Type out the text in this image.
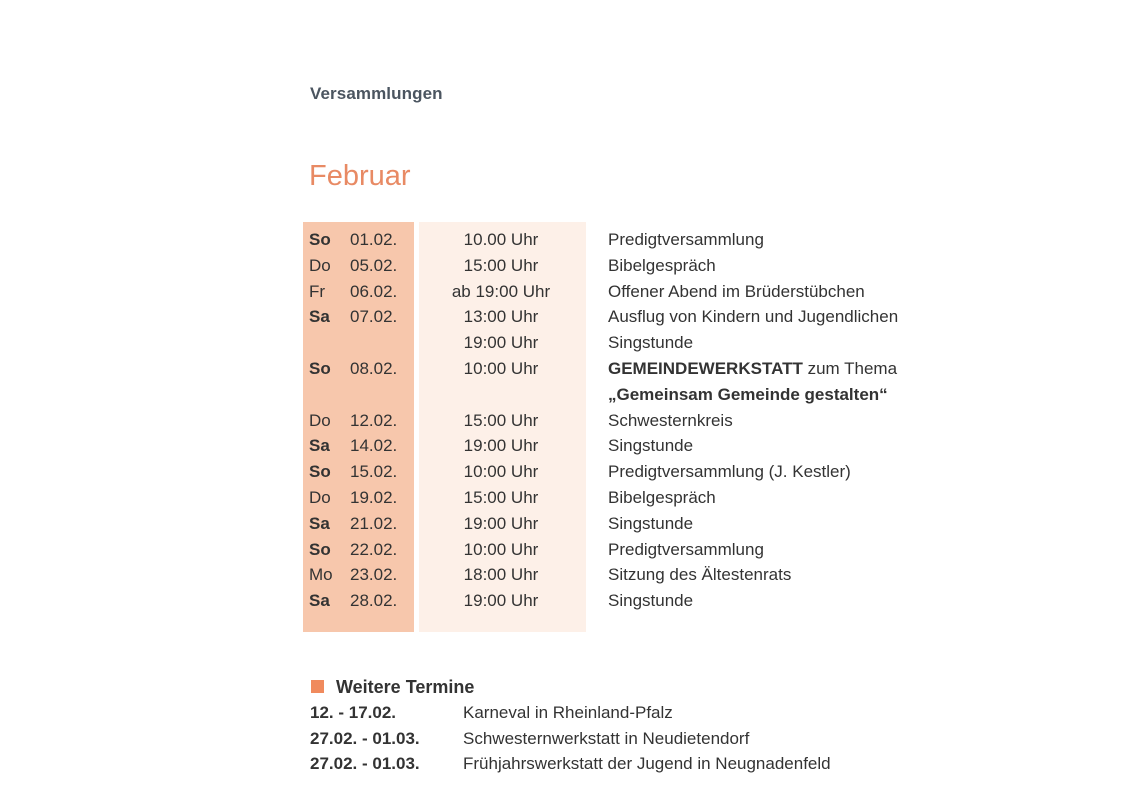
Versammlungen
Februar
So 01.02.	10.00 Uhr	Predigtversammlung
Do 05.02.	15:00 Uhr	Bibelgespräch
Fr 06.02.	ab 19:00 Uhr	Offener Abend im Brüderstübchen
Sa 07.02.	13:00 Uhr	Ausflug von Kindern und Jugendlichen
19:00 Uhr	Singstunde
So 08.02.	10:00 Uhr	GEMEINDEWERKSTATT zum Thema
„Gemeinsam Gemeinde gestalten“
Do 12.02.	15:00 Uhr	Schwesternkreis
Sa 14.02.	19:00 Uhr	Singstunde
So 15.02.	10:00 Uhr	Predigtversammlung (J. Kestler)
Do 19.02.	15:00 Uhr	Bibelgespräch
Sa 21.02.	19:00 Uhr	Singstunde
So 22.02.	10:00 Uhr	Predigtversammlung
Mo 23.02.	18:00 Uhr	Sitzung des Ältestenrats
Sa 28.02.	19:00 Uhr	Singstunde
Weitere Termine
12. - 17.02.	Karneval in Rheinland-Pfalz
27.02. - 01.03.	Schwesternwerkstatt in Neudietendorf
27.02. - 01.03.	Frühjahrswerkstatt der Jugend in Neugnadenfeld
